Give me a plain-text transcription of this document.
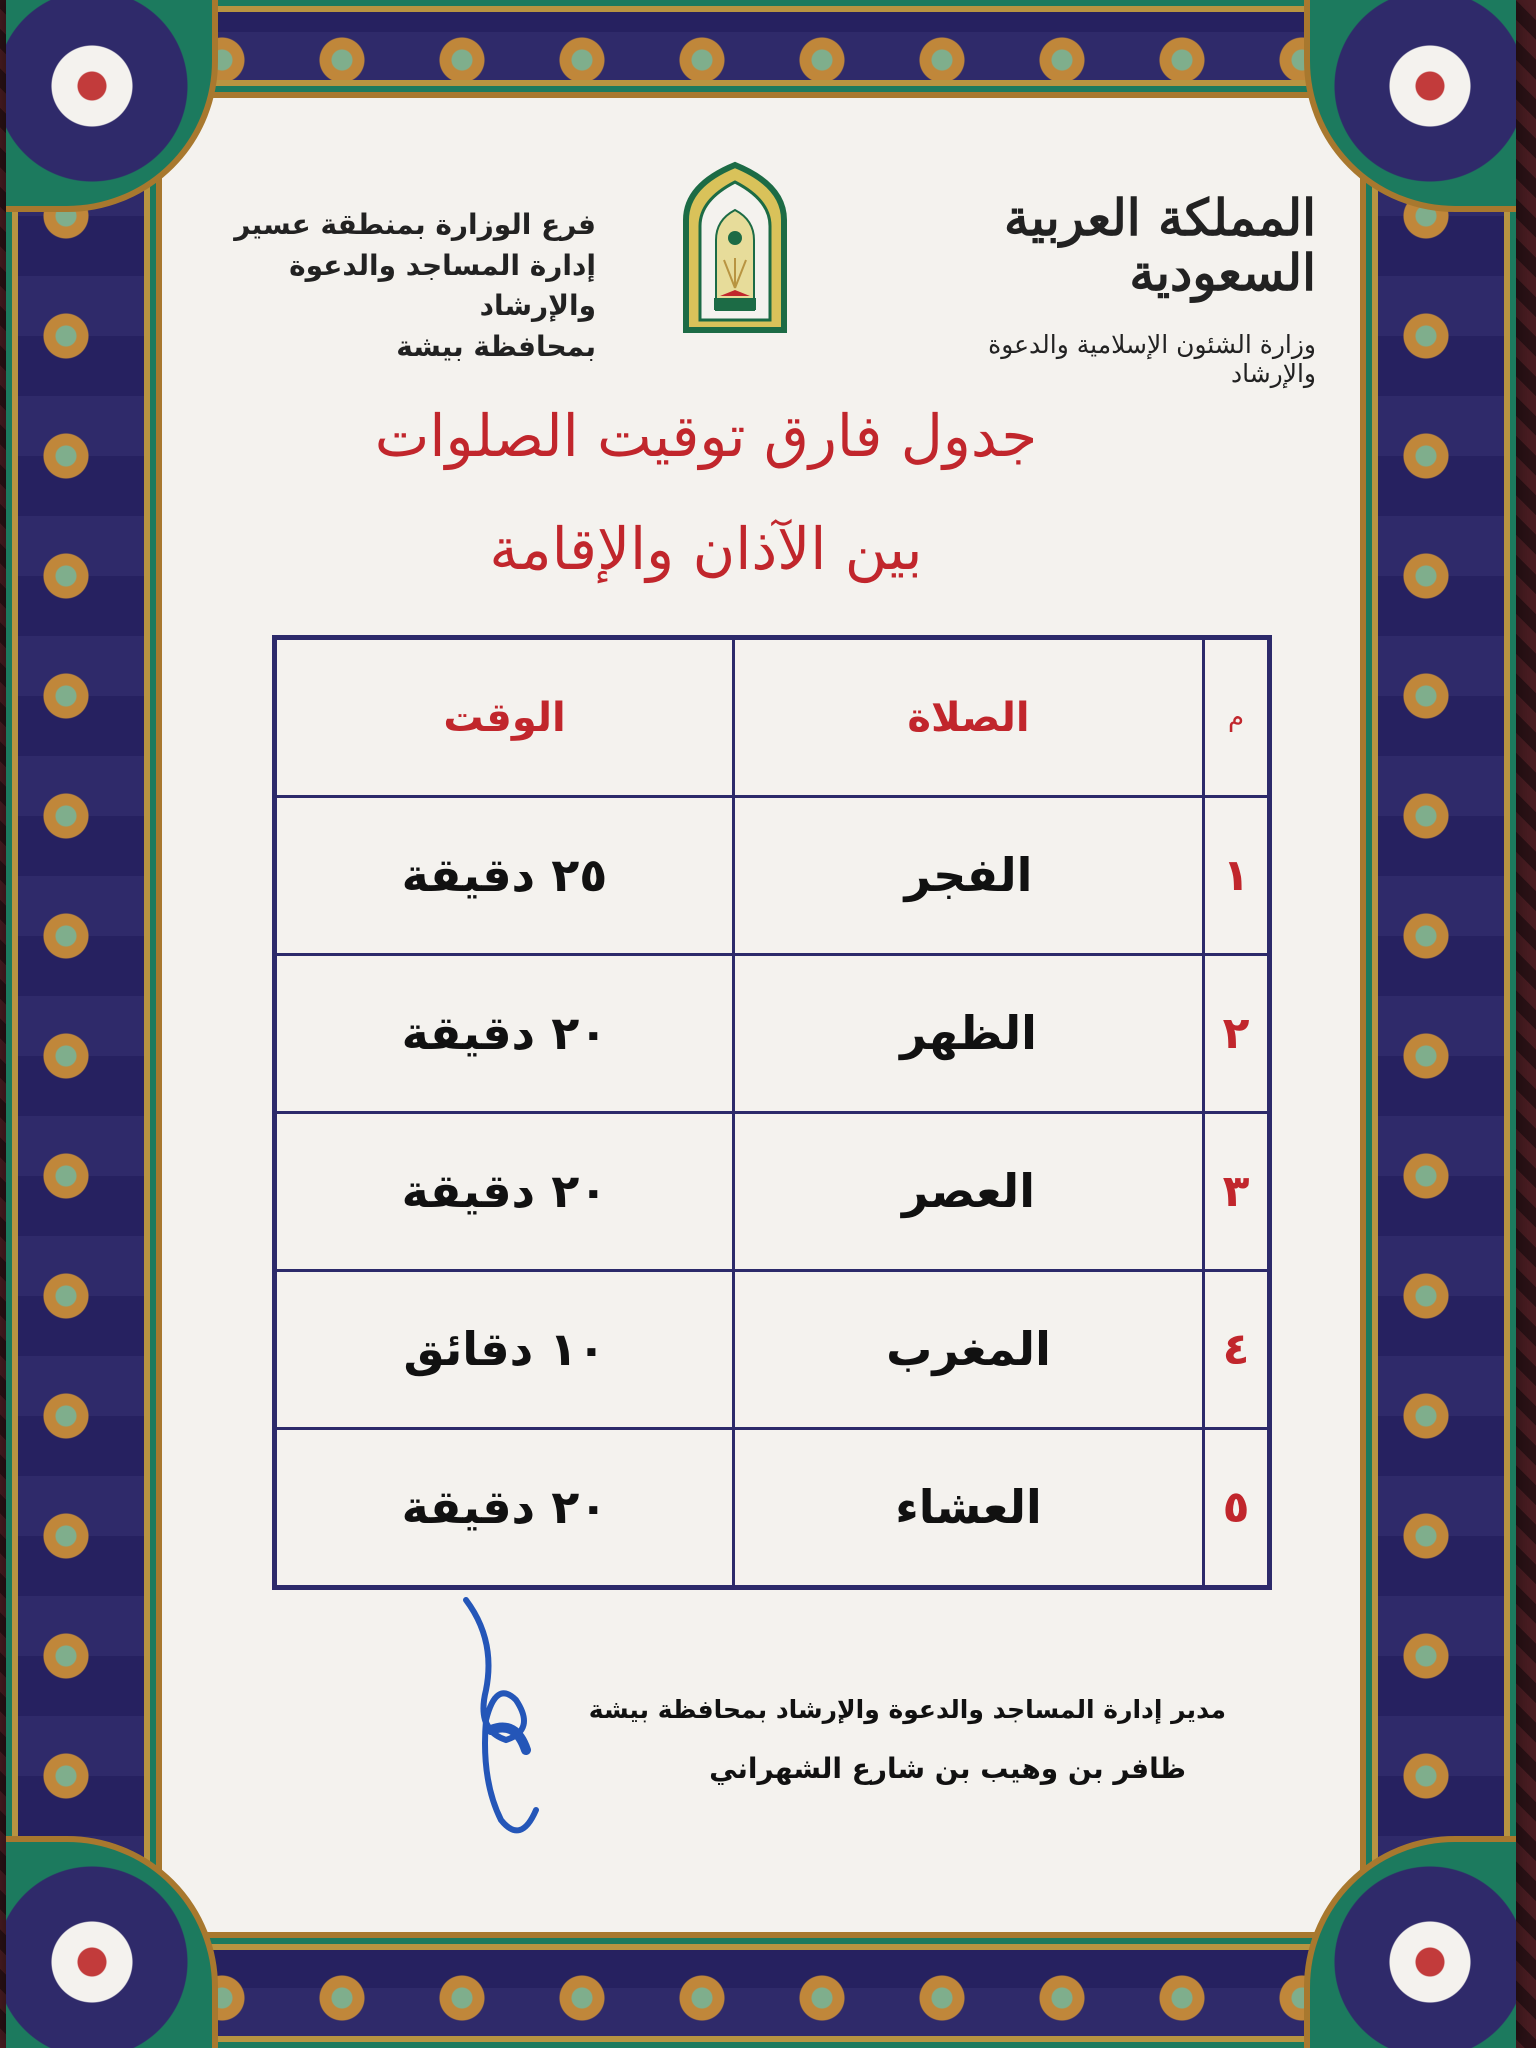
المملكة العربية السعودية
وزارة الشئون الإسلامية والدعوة والإرشاد
فرع الوزارة بمنطقة عسير
إدارة المساجد والدعوة والإرشاد
بمحافظة بيشة
جدول فارق توقيت الصلوات
بين الآذان والإقامة
م	الصلاة	الوقت
١	الفجر	٢٥ دقيقة
٢	الظهر	٢٠ دقيقة
٣	العصر	٢٠ دقيقة
٤	المغرب	١٠ دقائق
٥	العشاء	٢٠ دقيقة
مدير إدارة المساجد والدعوة والإرشاد بمحافظة بيشة
ظافر بن وهيب بن شارع الشهراني
